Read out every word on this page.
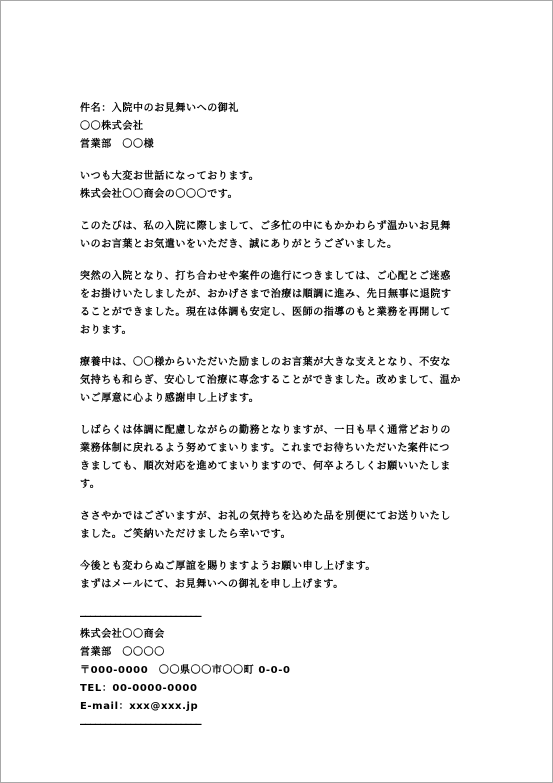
件名：入院中のお見舞いへの御礼

〇〇株式会社

営業部　〇〇様

いつも大変お世話になっております。

株式会社〇〇商会の〇〇〇です。

このたびは、私の入院に際しまして、ご多忙の中にもかかわらず温かいお見舞

いのお言葉とお気遣いをいただき、誠にありがとうございました。

突然の入院となり、打ち合わせや案件の進行につきましては、ご心配とご迷惑

をお掛けいたしましたが、おかげさまで治療は順調に進み、先日無事に退院す

ることができました。現在は体調も安定し、医師の指導のもと業務を再開して

おります。

療養中は、〇〇様からいただいた励ましのお言葉が大きな支えとなり、不安な

気持ちも和らぎ、安心して治療に専念することができました。改めまして、温か

いご厚意に心より感謝申し上げます。

しばらくは体調に配慮しながらの勤務となりますが、一日も早く通常どおりの

業務体制に戻れるよう努めてまいります。これまでお待ちいただいた案件につ

きましても、順次対応を進めてまいりますので、何卒よろしくお願いいたしま

す。

ささやかではございますが、お礼の気持ちを込めた品を別便にてお送りいたし

ました。ご笑納いただけましたら幸いです。

今後とも変わらぬご厚誼を賜りますようお願い申し上げます。

まずはメールにて、お見舞いへの御礼を申し上げます。

――――――――――――――――――――――――

株式会社〇〇商会

営業部　〇〇〇〇

〒000-0000　〇〇県〇〇市〇〇町 0-0-0

TEL：00-0000-0000

E-mail：xxx@xxx.jp

――――――――――――――――――――――――
